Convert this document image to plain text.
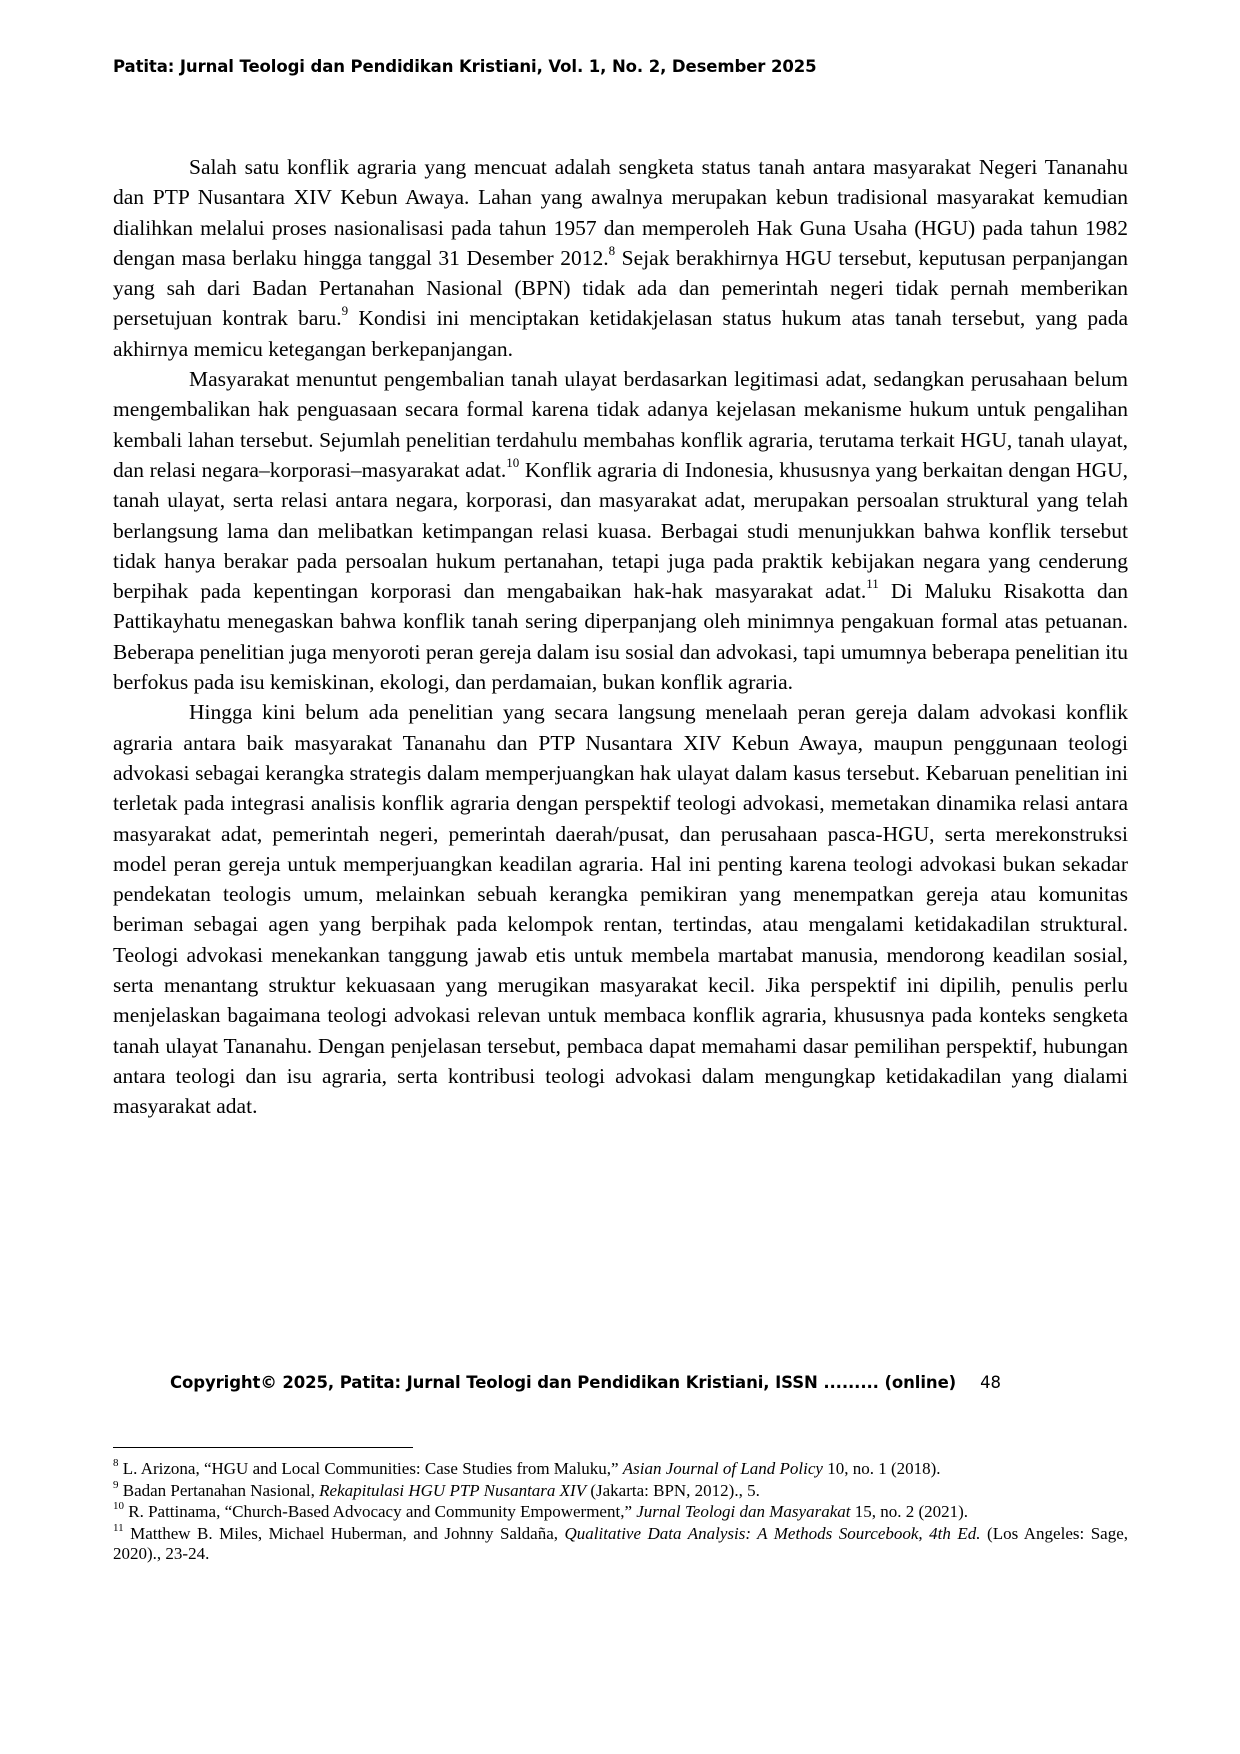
Patita: Jurnal Teologi dan Pendidikan Kristiani, Vol. 1, No. 2, Desember 2025

Salah satu konflik agraria yang mencuat adalah sengketa status tanah antara masyarakat Negeri Tananahu dan PTP Nusantara XIV Kebun Awaya. Lahan yang awalnya merupakan kebun tradisional masyarakat kemudian dialihkan melalui proses nasionalisasi pada tahun 1957 dan memperoleh Hak Guna Usaha (HGU) pada tahun 1982 dengan masa berlaku hingga tanggal 31 Desember 2012.$^8$ Sejak berakhirnya HGU tersebut, keputusan perpanjangan yang sah dari Badan Pertanahan Nasional (BPN) tidak ada dan pemerintah negeri tidak pernah memberikan persetujuan kontrak baru.$^9$ Kondisi ini menciptakan ketidakjelasan status hukum atas tanah tersebut, yang pada akhirnya memicu ketegangan berkepanjangan.

Masyarakat menuntut pengembalian tanah ulayat berdasarkan legitimasi adat, sedangkan perusahaan belum mengembalikan hak penguasaan secara formal karena tidak adanya kejelasan mekanisme hukum untuk pengalihan kembali lahan tersebut. Sejumlah penelitian terdahulu membahas konflik agraria, terutama terkait HGU, tanah ulayat, dan relasi negara–korporasi–masyarakat adat.$^{10}$ Konflik agraria di Indonesia, khususnya yang berkaitan dengan HGU, tanah ulayat, serta relasi antara negara, korporasi, dan masyarakat adat, merupakan persoalan struktural yang telah berlangsung lama dan melibatkan ketimpangan relasi kuasa. Berbagai studi menunjukkan bahwa konflik tersebut tidak hanya berakar pada persoalan hukum pertanahan, tetapi juga pada praktik kebijakan negara yang cenderung berpihak pada kepentingan korporasi dan mengabaikan hak-hak masyarakat adat.$^{11}$ Di Maluku Risakotta dan Pattikayhatu menegaskan bahwa konflik tanah sering diperpanjang oleh minimnya pengakuan formal atas petuanan. Beberapa penelitian juga menyoroti peran gereja dalam isu sosial dan advokasi, tapi umumnya beberapa penelitian itu berfokus pada isu kemiskinan, ekologi, dan perdamaian, bukan konflik agraria.

Hingga kini belum ada penelitian yang secara langsung menelaah peran gereja dalam advokasi konflik agraria antara baik masyarakat Tananahu dan PTP Nusantara XIV Kebun Awaya, maupun penggunaan teologi advokasi sebagai kerangka strategis dalam memperjuangkan hak ulayat dalam kasus tersebut. Kebaruan penelitian ini terletak pada integrasi analisis konflik agraria dengan perspektif teologi advokasi, memetakan dinamika relasi antara masyarakat adat, pemerintah negeri, pemerintah daerah/pusat, dan perusahaan pasca-HGU, serta merekonstruksi model peran gereja untuk memperjuangkan keadilan agraria. Hal ini penting karena teologi advokasi bukan sekadar pendekatan teologis umum, melainkan sebuah kerangka pemikiran yang menempatkan gereja atau komunitas beriman sebagai agen yang berpihak pada kelompok rentan, tertindas, atau mengalami ketidakadilan struktural. Teologi advokasi menekankan tanggung jawab etis untuk membela martabat manusia, mendorong keadilan sosial, serta menantang struktur kekuasaan yang merugikan masyarakat kecil. Jika perspektif ini dipilih, penulis perlu menjelaskan bagaimana teologi advokasi relevan untuk membaca konflik agraria, khususnya pada konteks sengketa tanah ulayat Tananahu. Dengan penjelasan tersebut, pembaca dapat memahami dasar pemilihan perspektif, hubungan antara teologi dan isu agraria, serta kontribusi teologi advokasi dalam mengungkap ketidakadilan yang dialami masyarakat adat.

Copyright© 2025, Patita: Jurnal Teologi dan Pendidikan Kristiani, ISSN ......... (online) 48

$^8$ L. Arizona, “HGU and Local Communities: Case Studies from Maluku,” Asian Journal of Land Policy 10, no. 1 (2018).

$^9$ Badan Pertanahan Nasional, Rekapitulasi HGU PTP Nusantara XIV (Jakarta: BPN, 2012)., 5.

$^{10}$ R. Pattinama, “Church-Based Advocacy and Community Empowerment,” Jurnal Teologi dan Masyarakat 15, no. 2 (2021).

$^{11}$ Matthew B. Miles, Michael Huberman, and Johnny Saldaña, Qualitative Data Analysis: A Methods Sourcebook, 4th Ed. (Los Angeles: Sage, 2020)., 23-24.
